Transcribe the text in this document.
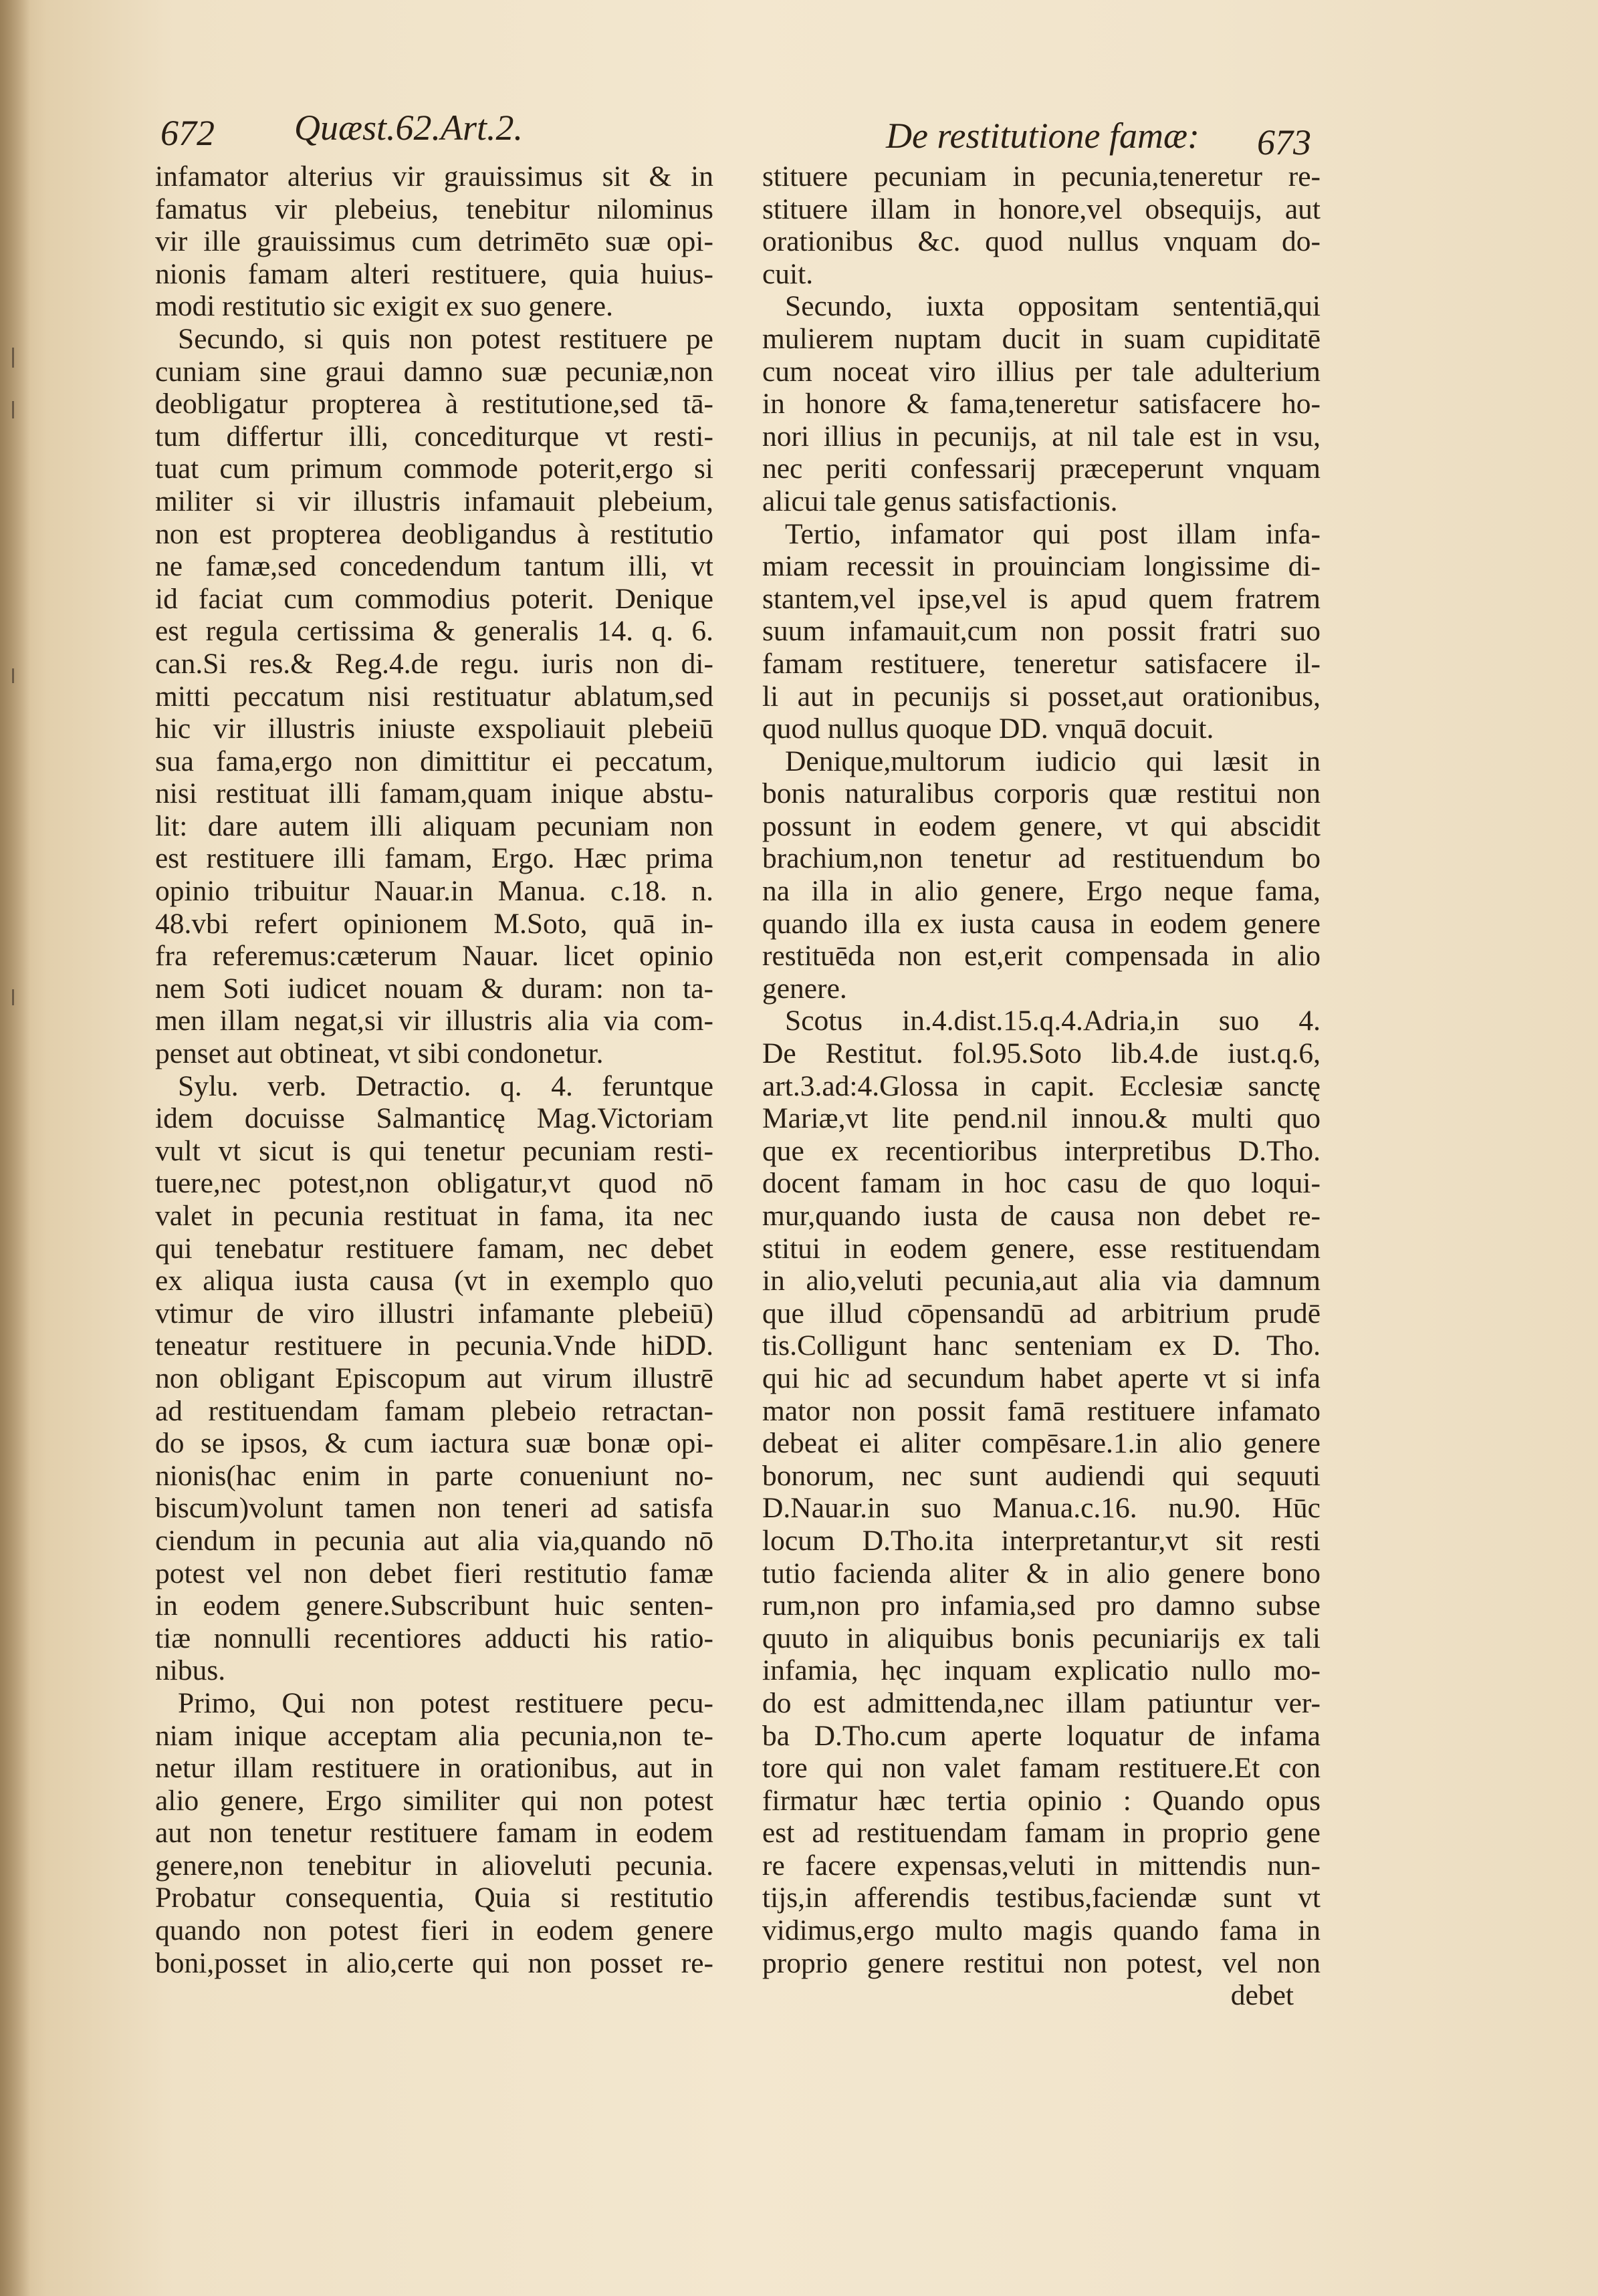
672 Quæst.62.Art.2.	De restitutione famæ: 673

infamator alterius vir grauissimus sit & in

famatus vir plebeius, tenebitur nilominus

vir ille grauissimus cum detrimēto suæ opi-

nionis famam alteri restituere, quia huius-

modi restitutio sic exigit ex suo genere.

Secundo, si quis non potest restituere pe

cuniam sine graui damno suæ pecuniæ,non

deobligatur propterea à restitutione,sed tā-

tum differtur illi, concediturque vt resti-

tuat cum primum commode poterit,ergo si

militer si vir illustris infamauit plebeium,

non est propterea deobligandus à restitutio

ne famæ,sed concedendum tantum illi, vt

id faciat cum commodius poterit. Denique

est regula certissima & generalis 14. q. 6.

can.Si res.& Reg.4.de regu. iuris non di-

mitti peccatum nisi restituatur ablatum,sed

hic vir illustris iniuste exspoliauit plebeiū

sua fama,ergo non dimittitur ei peccatum,

nisi restituat illi famam,quam inique abstu-

lit: dare autem illi aliquam pecuniam non

est restituere illi famam, Ergo. Hæc prima

opinio tribuitur Nauar.in Manua. c.18. n.

48.vbi refert opinionem M.Soto, quā in-

fra referemus:cæterum Nauar. licet opinio

nem Soti iudicet nouam & duram: non ta-

men illam negat,si vir illustris alia via com-

penset aut obtineat, vt sibi condonetur.

Sylu. verb. Detractio. q. 4. feruntque

idem docuisse Salmanticę Mag.Victoriam

vult vt sicut is qui tenetur pecuniam resti-

tuere,nec potest,non obligatur,vt quod nō

valet in pecunia restituat in fama, ita nec

qui tenebatur restituere famam, nec debet

ex aliqua iusta causa (vt in exemplo quo

vtimur de viro illustri infamante plebeiū)

teneatur restituere in pecunia.Vnde hiDD.

non obligant Episcopum aut virum illustrē

ad restituendam famam plebeio retractan-

do se ipsos, & cum iactura suæ bonæ opi-

nionis(hac enim in parte conueniunt no-

biscum)volunt tamen non teneri ad satisfa

ciendum in pecunia aut alia via,quando nō

potest vel non debet fieri restitutio famæ

in eodem genere.Subscribunt huic senten-

tiæ nonnulli recentiores adducti his ratio-

nibus.

Primo, Qui non potest restituere pecu-

niam inique acceptam alia pecunia,non te-

netur illam restituere in orationibus, aut in

alio genere, Ergo similiter qui non potest

aut non tenetur restituere famam in eodem

genere,non tenebitur in alioveluti pecunia.

Probatur consequentia, Quia si restitutio

quando non potest fieri in eodem genere

boni,posset in alio,certe qui non posset re-

stituere pecuniam in pecunia,teneretur re-

stituere illam in honore,vel obsequijs, aut

orationibus &c. quod nullus vnquam do-

cuit.

Secundo, iuxta oppositam sententiā,qui

mulierem nuptam ducit in suam cupiditatē

cum noceat viro illius per tale adulterium

in honore & fama,teneretur satisfacere ho-

nori illius in pecunijs, at nil tale est in vsu,

nec periti confessarij præceperunt vnquam

alicui tale genus satisfactionis.

Tertio, infamator qui post illam infa-

miam recessit in prouinciam longissime di-

stantem,vel ipse,vel is apud quem fratrem

suum infamauit,cum non possit fratri suo

famam restituere, teneretur satisfacere il-

li aut in pecunijs si posset,aut orationibus,

quod nullus quoque DD. vnquā docuit.

Denique,multorum iudicio qui læsit in

bonis naturalibus corporis quæ restitui non

possunt in eodem genere, vt qui abscidit

brachium,non tenetur ad restituendum bo

na illa in alio genere, Ergo neque fama,

quando illa ex iusta causa in eodem genere

restituēda non est,erit compensada in alio

genere.

Scotus in.4.dist.15.q.4.Adria,in suo 4.

De Restitut. fol.95.Soto lib.4.de iust.q.6,

art.3.ad:4.Glossa in capit. Ecclesiæ sanctę

Mariæ,vt lite pend.nil innou.& multi quo

que ex recentioribus interpretibus D.Tho.

docent famam in hoc casu de quo loqui-

mur,quando iusta de causa non debet re-

stitui in eodem genere, esse restituendam

in alio,veluti pecunia,aut alia via damnum

que illud cōpensandū ad arbitrium prudē

tis.Colligunt hanc senteniam ex D. Tho.

qui hic ad secundum habet aperte vt si infa

mator non possit famā restituere infamato

debeat ei aliter compēsare.1.in alio genere

bonorum, nec sunt audiendi qui sequuti

D.Nauar.in suo Manua.c.16. nu.90. Hūc

locum D.Tho.ita interpretantur,vt sit resti

tutio facienda aliter & in alio genere bono

rum,non pro infamia,sed pro damno subse

quuto in aliquibus bonis pecuniarijs ex tali

infamia, hęc inquam explicatio nullo mo-

do est admittenda,nec illam patiuntur ver-

ba D.Tho.cum aperte loquatur de infama

tore qui non valet famam restituere.Et con

firmatur hæc tertia opinio : Quando opus

est ad restituendam famam in proprio gene

re facere expensas,veluti in mittendis nun-

tijs,in afferendis testibus,faciendæ sunt vt

vidimus,ergo multo magis quando fama in

proprio genere restitui non potest, vel non

debet
